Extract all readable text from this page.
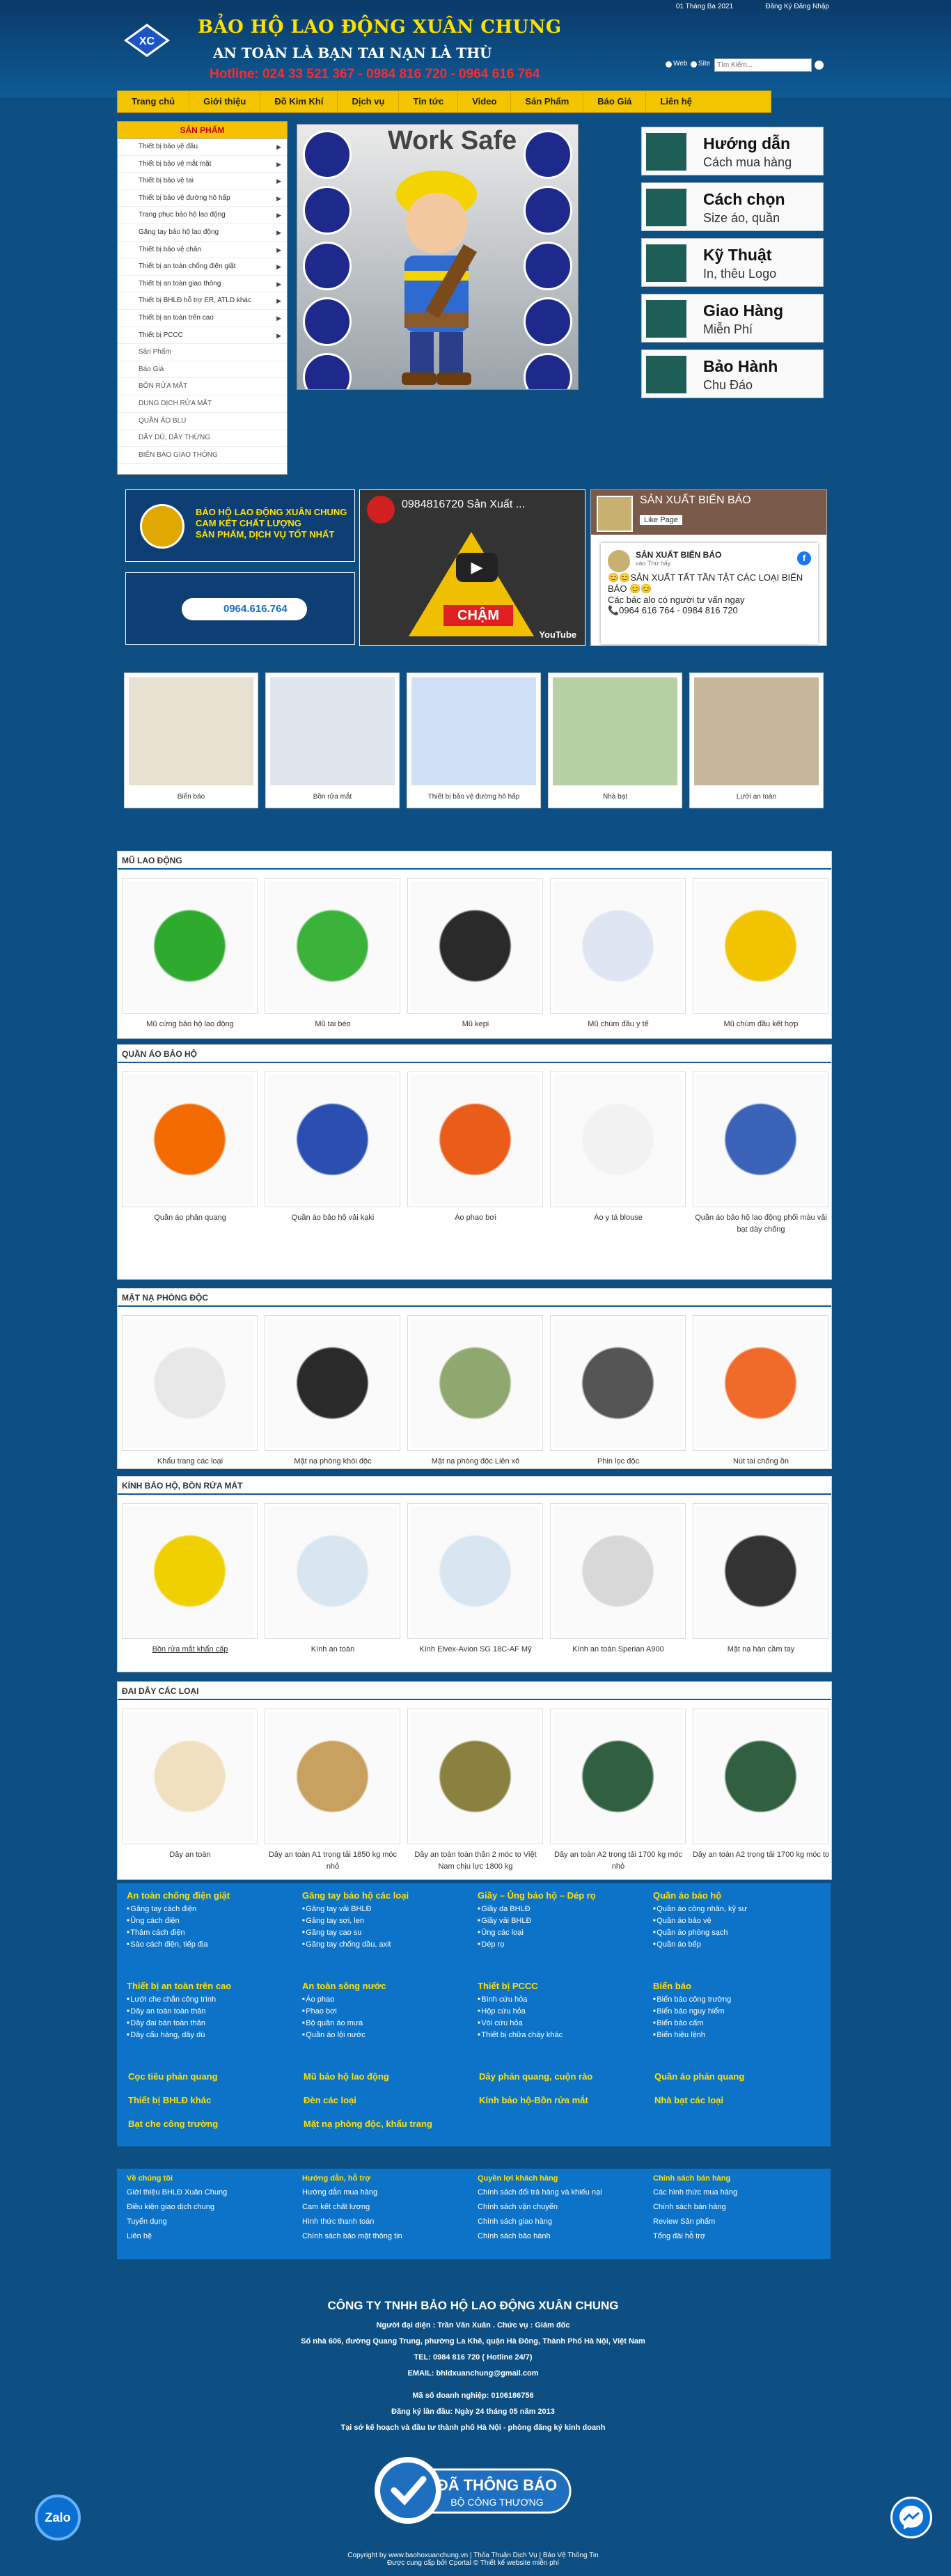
01 Tháng Ba 2021	Đăng Ký Đăng Nhập
XC
BẢO HỘ LAO ĐỘNG XUÂN CHUNG
AN TOÀN LÀ BẠN TAI NẠN LÀ THÙ
Hotline: 024 33 521 367 - 0984 816 720 - 0964 616 764
Web Site
Tìm Kiếm...
Trang chủ	Giới thiệu	Đồ Kim Khí	Dịch vụ	Tin tức	Video	Sản Phẩm	Báo Giá	Liên hệ
SẢN PHẨM
Thiết bị bảo vệ đầu	▶
Thiết bị bảo vệ mắt mặt	▶
Thiết bị bảo vệ tai	▶
Thiết bị bảo vệ đường hô hấp	▶
Trang phục bảo hộ lao động	▶
Găng tay bảo hộ lao động	▶
Thiết bị bảo vệ chân	▶
Thiết bị an toàn chống điện giật	▶
Thiết bị an toàn giao thông	▶
Thiết bị BHLĐ hỗ trợ ER, ATLD khác	▶
Thiết bị an toàn trên cao	▶
Thiết bị PCCC	▶
Sản Phẩm
Báo Giá
BỒN RỬA MẮT
DUNG DỊCH RỬA MẮT
QUẦN ÁO BLU
DÂY DÙ, DÂY THỪNG
BIỂN BÁO GIAO THÔNG
Work Safe	Hướng dẫn
Cách mua hàng
Cách chọn
Size áo, quần
Kỹ Thuật
In, thêu Logo
Giao Hàng
Miễn Phí
Bảo Hành
Chu Đáo
BẢO HỘ LAO ĐỘNG XUÂN CHUNG
CAM KẾT CHẤT LƯỢNG
SẢN PHẨM, DỊCH VỤ TỐT NHẤT
0964.616.764
0984816720 Sản Xuất ...
CHẬM
▶
YouTube
SẢN XUẤT BIỂN BÁO
Like Page
f
SẢN XUẤT BIỂN BÁO
vào Thứ hấy
😊😊SẢN XUẤT TẤT TẦN TẬT CÁC LOẠI BIỂN BÁO 😊😊
Các bác alo có người tư vấn ngay
📞0964 616 764 - 0984 816 720
Biển báo	Bồn rửa mắt	Thiết bị bảo vệ đường hô hấp	Nhà bạt	Lưới an toàn
MŨ LAO ĐỘNG
Mũ cứng bảo hộ lao động	Mũ tai bèo	Mũ kepi	Mũ chùm đầu y tế	Mũ chùm đầu kết hợp
QUẦN ÁO BẢO HỘ
Quần áo phản quang	Quần áo bảo hộ vải kaki	Áo phao bơi	Áo y tá blouse	Quần áo bảo hộ lao động phối màu vải bạt dày chống
MẶT NẠ PHÒNG ĐỘC
Khẩu trang các loại	Mặt nạ phòng khói độc	Mặt nạ phòng độc Liên xô	Phin lọc độc	Nút tai chống ồn
KÍNH BẢO HỘ, BỒN RỬA MẮT
Bồn rửa mắt khẩn cấp	Kính an toàn	Kính Elvex-Avion SG 18C-AF Mỹ	Kính an toàn Sperian A900	Mặt nạ hàn cầm tay
ĐAI DÂY CÁC LOẠI
Dây an toàn	Dây an toàn A1 trọng tải 1850 kg móc nhỏ
Dây an toàn toàn thân 2 móc to Việt Nam chịu lực 1800 kg
Dây an toàn A2 trọng tải 1700 kg móc nhỏ
Dây an toàn A2 trọng tải 1700 kg móc to
An toàn chống điện giật
■ Găng tay cách điện
■ Ủng cách điện
■ Thảm cách điện
■ Sào cách điện, tiếp địa
Găng tay bảo hộ các loại
■ Găng tay vải BHLĐ
■ Găng tay sợi, len
■ Găng tay cao su
■ Găng tay chống dầu, axit
Giầy – Ủng bảo hộ – Dép rọ
■ Giầy da BHLĐ
■ Giầy vải BHLĐ
■ Ủng các loại
■ Dép rọ
Quần áo bảo hộ
■ Quần áo công nhân, kỹ sư
■ Quần áo bảo vệ
■ Quần áo phòng sạch
■ Quần áo bếp
Thiết bị an toàn trên cao
■ Lưới che chắn công trình
■ Dây an toàn toàn thân
■ Dây đai bán toàn thân
■ Dây cẩu hàng, dây dù
An toàn sông nước
■ Áo phao
■ Phao bơi
■ Bộ quần áo mưa
■ Quần áo lội nước
Thiết bị PCCC
■ Bình cứu hỏa
■ Hộp cứu hỏa
■ Vòi cứu hỏa
■ Thiết bị chữa cháy khác
Biển báo
■ Biển báo công trường
■ Biển báo nguy hiểm
■ Biển báo cấm
■ Biển hiệu lệnh
Cọc tiêu phản quang	Mũ bảo hộ lao động	Dây phản quang, cuộn rào	Quần áo phản quang
Thiết bị BHLĐ khác	Đèn các loại	Kính bảo hộ-Bồn rửa mắt	Nhà bạt các loại
Bạt che công trường	Mặt nạ phòng độc, khẩu trang
Về chúng tôi
Giới thiệu BHLĐ Xuân Chung
Điều kiện giao dịch chung
Tuyển dụng
Liên hệ
Hướng dẫn, hỗ trợ
Hướng dẫn mua hàng
Cam kết chất lượng
Hình thức thanh toán
Chính sách bảo mật thông tin
Quyền lợi khách hàng
Chính sách đổi trả hàng và khiếu nại
Chính sách vận chuyển
Chính sách giao hàng
Chính sách bảo hành
Chính sách bán hàng
Các hình thức mua hàng
Chính sách bán hàng
Review Sản phẩm
Tổng đài hỗ trợ
CÔNG TY TNHH BẢO HỘ LAO ĐỘNG XUÂN CHUNG
Người đại diện : Trần Văn Xuân . Chức vụ : Giám đốc
Số nhà 606, đường Quang Trung, phường La Khê, quận Hà Đông, Thành Phố Hà Nội, Việt Nam
TEL: 0984 816 720 ( Hotline 24/7)
EMAIL: bhldxuanchung@gmail.com
Mã số doanh nghiệp: 0106186756
Đăng ký lần đầu: Ngày 24 tháng 05 năm 2013
Tại sở kế hoạch và đầu tư thành phố Hà Nội - phòng đăng ký kinh doanh
ĐÃ THÔNG BÁO
BỘ CÔNG THƯƠNG
Copyright by www.baohoxuanchung.vn | Thỏa Thuận Dịch Vụ | Bảo Vệ Thông Tin
Được cung cấp bởi Cportal © Thiết kế website miễn phí
Zalo
